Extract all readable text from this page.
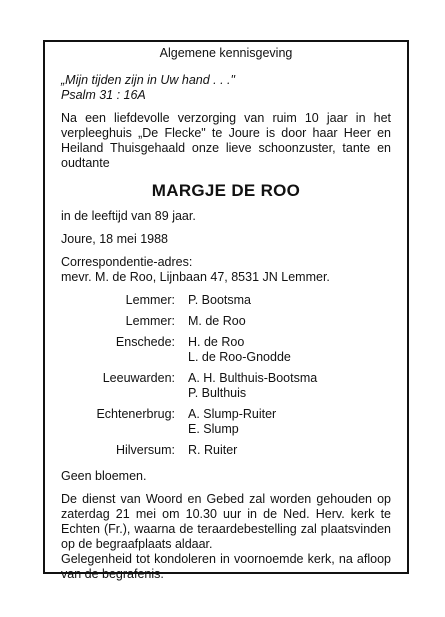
Algemene kennisgeving
„Mijn tijden zijn in Uw hand . . ."
Psalm 31 : 16A
Na een liefdevolle verzorging van ruim 10 jaar in het verpleeghuis „De Flecke" te Joure is door haar Heer en Heiland Thuisgehaald onze lieve schoonzuster, tante en oudtante
MARGJE DE ROO
in de leeftijd van 89 jaar.
Joure, 18 mei 1988
Correspondentie-adres:
mevr. M. de Roo, Lijnbaan 47, 8531 JN Lemmer.
Lemmer:	P. Bootsma
Lemmer:	M. de Roo
Enschede:	H. de Roo
L. de Roo-Gnodde
Leeuwarden:	A. H. Bulthuis-Bootsma
P. Bulthuis
Echtenerbrug:	A. Slump-Ruiter
E. Slump
Hilversum:	R. Ruiter
Geen bloemen.
De dienst van Woord en Gebed zal worden gehouden op zaterdag 21 mei om 10.30 uur in de Ned. Herv. kerk te Echten (Fr.), waarna de teraardebestelling zal plaatsvinden op de begraafplaats aldaar.
Gelegenheid tot kondoleren in voornoemde kerk, na afloop van de begrafenis.
